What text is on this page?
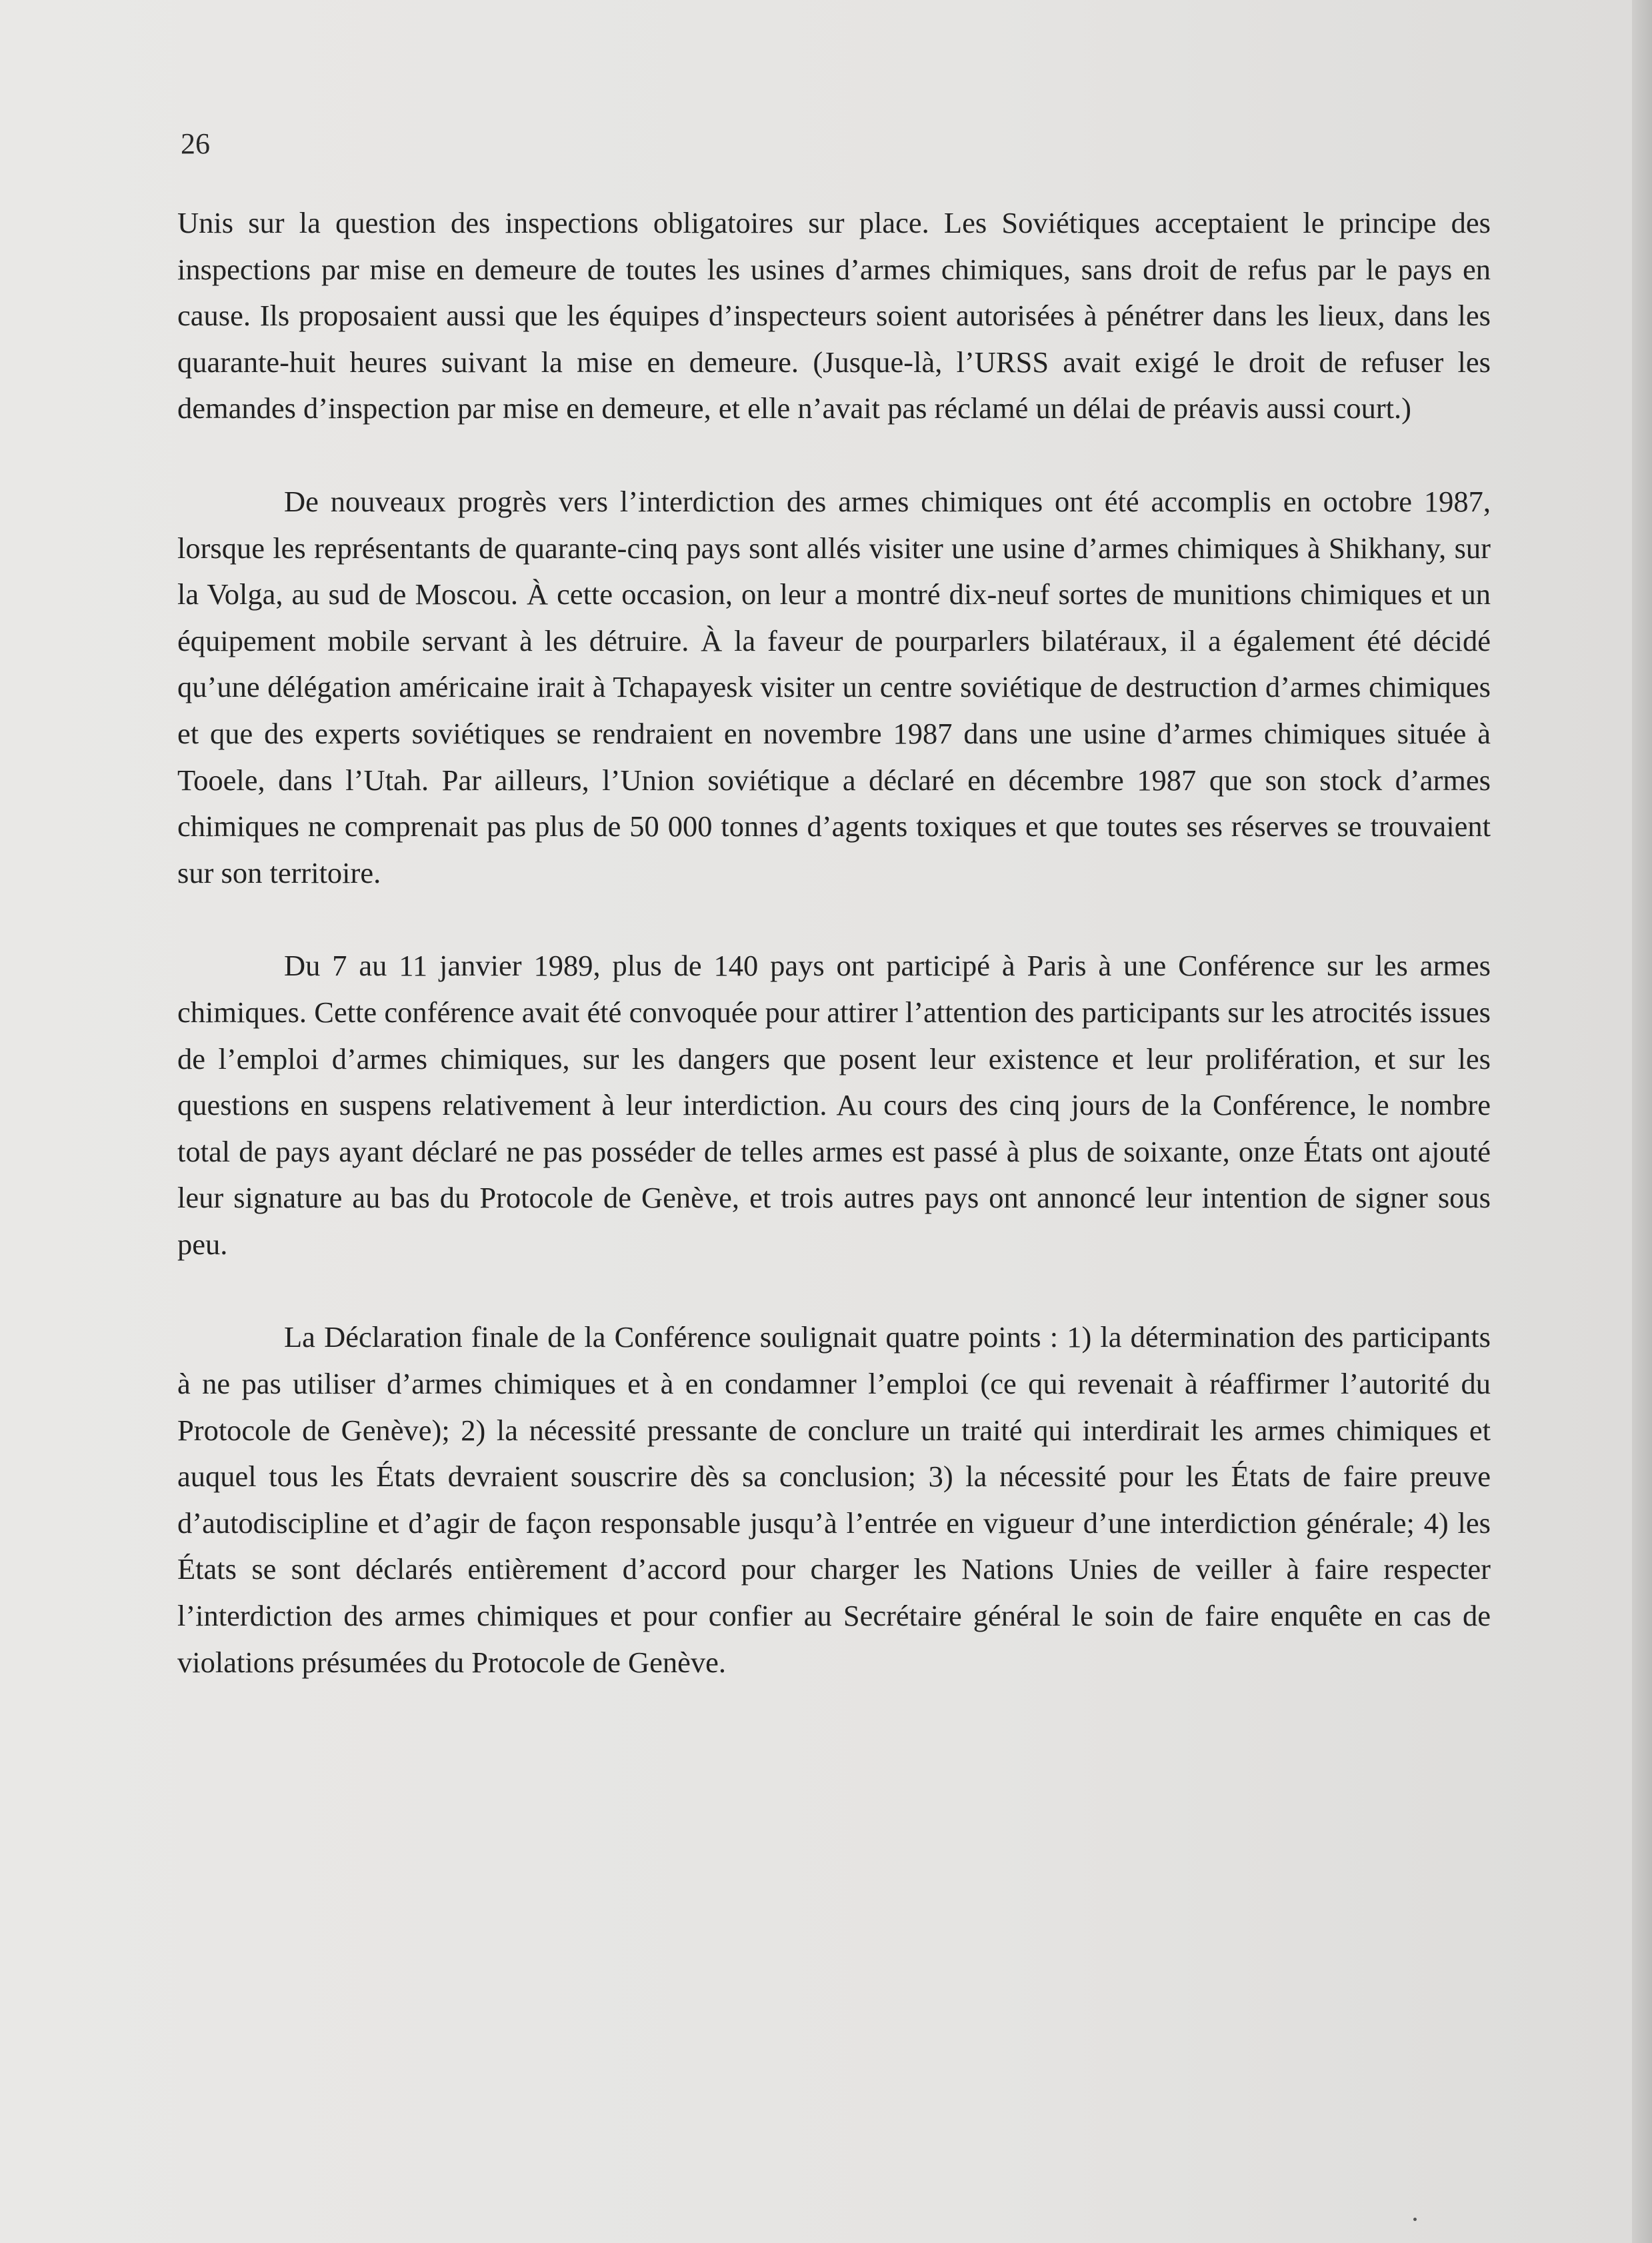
26

Unis sur la question des inspections obligatoires sur place. Les Soviétiques acceptaient le principe des inspections par mise en demeure de toutes les usines d’armes chimiques, sans droit de refus par le pays en cause. Ils proposaient aussi que les équipes d’inspecteurs soient autorisées à pénétrer dans les lieux, dans les quarante-huit heures suivant la mise en demeure. (Jusque-là, l’URSS avait exigé le droit de refuser les demandes d’inspection par mise en demeure, et elle n’avait pas réclamé un délai de préavis aussi court.)

De nouveaux progrès vers l’interdiction des armes chimiques ont été accomplis en octobre 1987, lorsque les représentants de quarante-cinq pays sont allés visiter une usine d’armes chimiques à Shikhany, sur la Volga, au sud de Moscou. À cette occasion, on leur a montré dix-neuf sortes de munitions chimiques et un équipement mobile servant à les détruire. À la faveur de pourparlers bilatéraux, il a également été décidé qu’une délégation américaine irait à Tchapayesk visiter un centre soviétique de destruction d’armes chimiques et que des experts soviétiques se rendraient en novembre 1987 dans une usine d’armes chimiques située à Tooele, dans l’Utah. Par ailleurs, l’Union soviétique a déclaré en décembre 1987 que son stock d’armes chimiques ne comprenait pas plus de 50 000 tonnes d’agents toxiques et que toutes ses réserves se trouvaient sur son territoire.

Du 7 au 11 janvier 1989, plus de 140 pays ont participé à Paris à une Conférence sur les armes chimiques. Cette conférence avait été convoquée pour attirer l’attention des participants sur les atrocités issues de l’emploi d’armes chimiques, sur les dangers que posent leur existence et leur prolifération, et sur les questions en suspens relativement à leur interdiction. Au cours des cinq jours de la Conférence, le nombre total de pays ayant déclaré ne pas posséder de telles armes est passé à plus de soixante, onze États ont ajouté leur signature au bas du Protocole de Genève, et trois autres pays ont annoncé leur intention de signer sous peu.

La Déclaration finale de la Conférence soulignait quatre points : 1) la détermination des participants à ne pas utiliser d’armes chimiques et à en condamner l’emploi (ce qui revenait à réaffirmer l’autorité du Protocole de Genève); 2) la nécessité pressante de conclure un traité qui interdirait les armes chimiques et auquel tous les États devraient souscrire dès sa conclusion; 3) la nécessité pour les États de faire preuve d’autodiscipline et d’agir de façon responsable jusqu’à l’entrée en vigueur d’une interdiction générale; 4) les États se sont déclarés entièrement d’accord pour charger les Nations Unies de veiller à faire respecter l’interdiction des armes chimiques et pour confier au Secrétaire général le soin de faire enquête en cas de violations présumées du Protocole de Genève.
